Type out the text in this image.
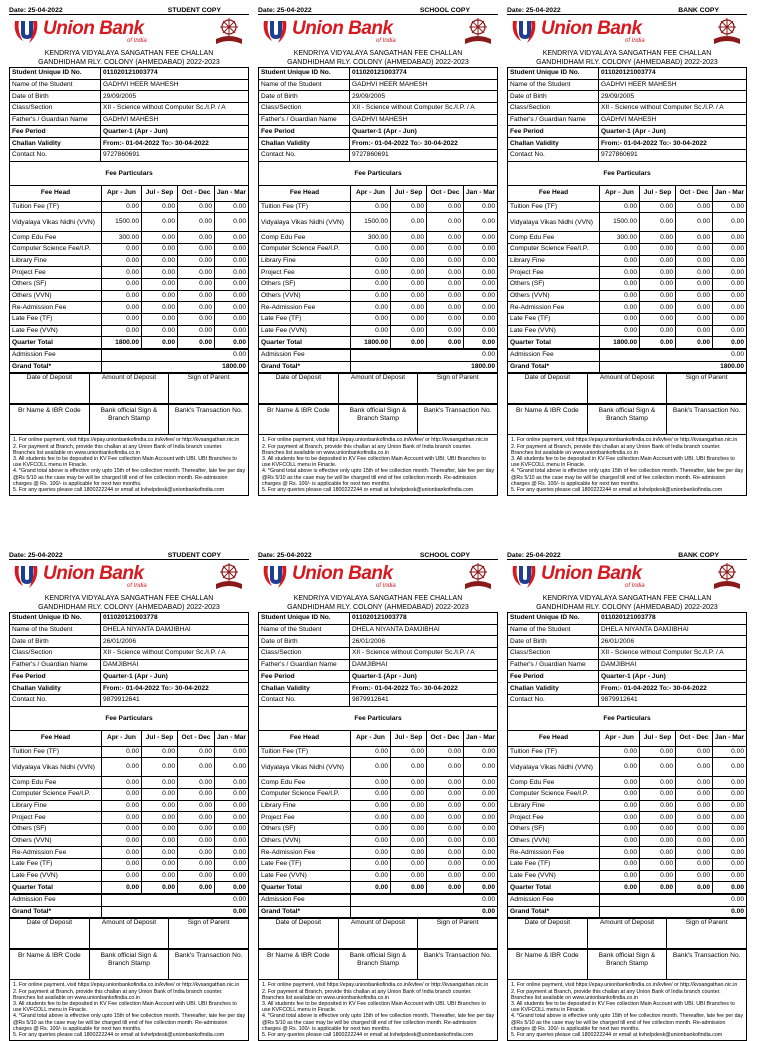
Date: 25-04-2022	STUDENT COPY
Union Bank
of India
KENDRIYA VIDYALAYA SANGATHAN FEE CHALLAN
GANDHIDHAM RLY. COLONY (AHMEDABAD) 2022-2023
Student Unique ID No.	011020121003774
Name of the Student	GADHVI HEER MAHESH
Date of Birth	29/09/2005
Class/Section	XII - Science without Computer Sc./I.P. / A
Father's / Guardian Name	GADHVI MAHESH
Fee Period	Quarter-1 (Apr - Jun)
Challan Validity	From:- 01-04-2022 To:- 30-04-2022
Contact No.	9727860691
Fee Particulars
Fee Head	Apr - Jun	Jul - Sep	Oct - Dec	Jan - Mar
Tuition Fee (TF)	0.00	0.00	0.00	0.00
Vidyalaya Vikas Nidhi (VVN)	1500.00	0.00	0.00	0.00
Comp Edu Fee	300.00	0.00	0.00	0.00
Computer Science Fee/I.P.	0.00	0.00	0.00	0.00
Library Fine	0.00	0.00	0.00	0.00
Project Fee	0.00	0.00	0.00	0.00
Others (SF)	0.00	0.00	0.00	0.00
Others (VVN)	0.00	0.00	0.00	0.00
Re-Admission Fee	0.00	0.00	0.00	0.00
Late Fee (TF)	0.00	0.00	0.00	0.00
Late Fee (VVN)	0.00	0.00	0.00	0.00
Quarter Total	1800.00	0.00	0.00	0.00
Admission Fee	0.00
Grand Total*	1800.00
Date of Deposit	Amount of Deposit	Sign of Parent
Br Name & IBR Code	Bank official Sign & Branch Stamp	Bank's Transaction No.

1. For online payment, visit https://epay.unionbankofindia.co.in/kvfee/ or http://kvsangathan.nic.in

2. For payment at Branch, provide this challan at any Union Bank of India branch counter. Branches list available on www.unionbankofindia.co.in

3. All students fee to be deposited in KV Fee collection Main Account with UBI. UBI Branches to use KVFCOLL menu in Finacle.

4. *Grand total above is effective only upto 15th of fee collection month. Thereafter, late fee per day @Rs 5/10 as the case may be will be charged till end of fee collection month. Re-admission charges @ Rs. 100/- is applicable for next two months.

5. For any queries please call 1800222244 or email at kvhelpdesk@unionbankofindia.com

Date: 25-04-2022	SCHOOL COPY
Union Bank
of India
KENDRIYA VIDYALAYA SANGATHAN FEE CHALLAN
GANDHIDHAM RLY. COLONY (AHMEDABAD) 2022-2023
Student Unique ID No.	011020121003774
Name of the Student	GADHVI HEER MAHESH
Date of Birth	29/09/2005
Class/Section	XII - Science without Computer Sc./I.P. / A
Father's / Guardian Name	GADHVI MAHESH
Fee Period	Quarter-1 (Apr - Jun)
Challan Validity	From:- 01-04-2022 To:- 30-04-2022
Contact No.	9727860691
Fee Particulars
Fee Head	Apr - Jun	Jul - Sep	Oct - Dec	Jan - Mar
Tuition Fee (TF)	0.00	0.00	0.00	0.00
Vidyalaya Vikas Nidhi (VVN)	1500.00	0.00	0.00	0.00
Comp Edu Fee	300.00	0.00	0.00	0.00
Computer Science Fee/I.P.	0.00	0.00	0.00	0.00
Library Fine	0.00	0.00	0.00	0.00
Project Fee	0.00	0.00	0.00	0.00
Others (SF)	0.00	0.00	0.00	0.00
Others (VVN)	0.00	0.00	0.00	0.00
Re-Admission Fee	0.00	0.00	0.00	0.00
Late Fee (TF)	0.00	0.00	0.00	0.00
Late Fee (VVN)	0.00	0.00	0.00	0.00
Quarter Total	1800.00	0.00	0.00	0.00
Admission Fee	0.00
Grand Total*	1800.00
Date of Deposit	Amount of Deposit	Sign of Parent
Br Name & IBR Code	Bank official Sign & Branch Stamp	Bank's Transaction No.

1. For online payment, visit https://epay.unionbankofindia.co.in/kvfee/ or http://kvsangathan.nic.in

2. For payment at Branch, provide this challan at any Union Bank of India branch counter. Branches list available on www.unionbankofindia.co.in

3. All students fee to be deposited in KV Fee collection Main Account with UBI. UBI Branches to use KVFCOLL menu in Finacle.

4. *Grand total above is effective only upto 15th of fee collection month. Thereafter, late fee per day @Rs 5/10 as the case may be will be charged till end of fee collection month. Re-admission charges @ Rs. 100/- is applicable for next two months.

5. For any queries please call 1800222244 or email at kvhelpdesk@unionbankofindia.com

Date: 25-04-2022	BANK COPY
Union Bank
of India
KENDRIYA VIDYALAYA SANGATHAN FEE CHALLAN
GANDHIDHAM RLY. COLONY (AHMEDABAD) 2022-2023
Student Unique ID No.	011020121003774
Name of the Student	GADHVI HEER MAHESH
Date of Birth	29/09/2005
Class/Section	XII - Science without Computer Sc./I.P. / A
Father's / Guardian Name	GADHVI MAHESH
Fee Period	Quarter-1 (Apr - Jun)
Challan Validity	From:- 01-04-2022 To:- 30-04-2022
Contact No.	9727860691
Fee Particulars
Fee Head	Apr - Jun	Jul - Sep	Oct - Dec	Jan - Mar
Tuition Fee (TF)	0.00	0.00	0.00	0.00
Vidyalaya Vikas Nidhi (VVN)	1500.00	0.00	0.00	0.00
Comp Edu Fee	300.00	0.00	0.00	0.00
Computer Science Fee/I.P.	0.00	0.00	0.00	0.00
Library Fine	0.00	0.00	0.00	0.00
Project Fee	0.00	0.00	0.00	0.00
Others (SF)	0.00	0.00	0.00	0.00
Others (VVN)	0.00	0.00	0.00	0.00
Re-Admission Fee	0.00	0.00	0.00	0.00
Late Fee (TF)	0.00	0.00	0.00	0.00
Late Fee (VVN)	0.00	0.00	0.00	0.00
Quarter Total	1800.00	0.00	0.00	0.00
Admission Fee	0.00
Grand Total*	1800.00
Date of Deposit	Amount of Deposit	Sign of Parent
Br Name & IBR Code	Bank official Sign & Branch Stamp	Bank's Transaction No.

1. For online payment, visit https://epay.unionbankofindia.co.in/kvfee/ or http://kvsangathan.nic.in

2. For payment at Branch, provide this challan at any Union Bank of India branch counter. Branches list available on www.unionbankofindia.co.in

3. All students fee to be deposited in KV Fee collection Main Account with UBI. UBI Branches to use KVFCOLL menu in Finacle.

4. *Grand total above is effective only upto 15th of fee collection month. Thereafter, late fee per day @Rs 5/10 as the case may be will be charged till end of fee collection month. Re-admission charges @ Rs. 100/- is applicable for next two months.

5. For any queries please call 1800222244 or email at kvhelpdesk@unionbankofindia.com

Date: 25-04-2022	STUDENT COPY
Union Bank
of India
KENDRIYA VIDYALAYA SANGATHAN FEE CHALLAN
GANDHIDHAM RLY. COLONY (AHMEDABAD) 2022-2023
Student Unique ID No.	011020121003778
Name of the Student	DHELA NIYANTA DAMJIBHAI
Date of Birth	26/01/2006
Class/Section	XII - Science without Computer Sc./I.P. / A
Father's / Guardian Name	DAMJIBHAI
Fee Period	Quarter-1 (Apr - Jun)
Challan Validity	From:- 01-04-2022 To:- 30-04-2022
Contact No.	9879912641
Fee Particulars
Fee Head	Apr - Jun	Jul - Sep	Oct - Dec	Jan - Mar
Tuition Fee (TF)	0.00	0.00	0.00	0.00
Vidyalaya Vikas Nidhi (VVN)	0.00	0.00	0.00	0.00
Comp Edu Fee	0.00	0.00	0.00	0.00
Computer Science Fee/I.P.	0.00	0.00	0.00	0.00
Library Fine	0.00	0.00	0.00	0.00
Project Fee	0.00	0.00	0.00	0.00
Others (SF)	0.00	0.00	0.00	0.00
Others (VVN)	0.00	0.00	0.00	0.00
Re-Admission Fee	0.00	0.00	0.00	0.00
Late Fee (TF)	0.00	0.00	0.00	0.00
Late Fee (VVN)	0.00	0.00	0.00	0.00
Quarter Total	0.00	0.00	0.00	0.00
Admission Fee	0.00
Grand Total*	0.00
Date of Deposit	Amount of Deposit	Sign of Parent
Br Name & IBR Code	Bank official Sign & Branch Stamp	Bank's Transaction No.

1. For online payment, visit https://epay.unionbankofindia.co.in/kvfee/ or http://kvsangathan.nic.in

2. For payment at Branch, provide this challan at any Union Bank of India branch counter. Branches list available on www.unionbankofindia.co.in

3. All students fee to be deposited in KV Fee collection Main Account with UBI. UBI Branches to use KVFCOLL menu in Finacle.

4. *Grand total above is effective only upto 15th of fee collection month. Thereafter, late fee per day @Rs 5/10 as the case may be will be charged till end of fee collection month. Re-admission charges @ Rs. 100/- is applicable for next two months.

5. For any queries please call 1800222244 or email at kvhelpdesk@unionbankofindia.com

Date: 25-04-2022	SCHOOL COPY
Union Bank
of India
KENDRIYA VIDYALAYA SANGATHAN FEE CHALLAN
GANDHIDHAM RLY. COLONY (AHMEDABAD) 2022-2023
Student Unique ID No.	011020121003778
Name of the Student	DHELA NIYANTA DAMJIBHAI
Date of Birth	26/01/2006
Class/Section	XII - Science without Computer Sc./I.P. / A
Father's / Guardian Name	DAMJIBHAI
Fee Period	Quarter-1 (Apr - Jun)
Challan Validity	From:- 01-04-2022 To:- 30-04-2022
Contact No.	9879912641
Fee Particulars
Fee Head	Apr - Jun	Jul - Sep	Oct - Dec	Jan - Mar
Tuition Fee (TF)	0.00	0.00	0.00	0.00
Vidyalaya Vikas Nidhi (VVN)	0.00	0.00	0.00	0.00
Comp Edu Fee	0.00	0.00	0.00	0.00
Computer Science Fee/I.P.	0.00	0.00	0.00	0.00
Library Fine	0.00	0.00	0.00	0.00
Project Fee	0.00	0.00	0.00	0.00
Others (SF)	0.00	0.00	0.00	0.00
Others (VVN)	0.00	0.00	0.00	0.00
Re-Admission Fee	0.00	0.00	0.00	0.00
Late Fee (TF)	0.00	0.00	0.00	0.00
Late Fee (VVN)	0.00	0.00	0.00	0.00
Quarter Total	0.00	0.00	0.00	0.00
Admission Fee	0.00
Grand Total*	0.00
Date of Deposit	Amount of Deposit	Sign of Parent
Br Name & IBR Code	Bank official Sign & Branch Stamp	Bank's Transaction No.

1. For online payment, visit https://epay.unionbankofindia.co.in/kvfee/ or http://kvsangathan.nic.in

2. For payment at Branch, provide this challan at any Union Bank of India branch counter. Branches list available on www.unionbankofindia.co.in

3. All students fee to be deposited in KV Fee collection Main Account with UBI. UBI Branches to use KVFCOLL menu in Finacle.

4. *Grand total above is effective only upto 15th of fee collection month. Thereafter, late fee per day @Rs 5/10 as the case may be will be charged till end of fee collection month. Re-admission charges @ Rs. 100/- is applicable for next two months.

5. For any queries please call 1800222244 or email at kvhelpdesk@unionbankofindia.com

Date: 25-04-2022	BANK COPY
Union Bank
of India
KENDRIYA VIDYALAYA SANGATHAN FEE CHALLAN
GANDHIDHAM RLY. COLONY (AHMEDABAD) 2022-2023
Student Unique ID No.	011020121003778
Name of the Student	DHELA NIYANTA DAMJIBHAI
Date of Birth	26/01/2006
Class/Section	XII - Science without Computer Sc./I.P. / A
Father's / Guardian Name	DAMJIBHAI
Fee Period	Quarter-1 (Apr - Jun)
Challan Validity	From:- 01-04-2022 To:- 30-04-2022
Contact No.	9879912641
Fee Particulars
Fee Head	Apr - Jun	Jul - Sep	Oct - Dec	Jan - Mar
Tuition Fee (TF)	0.00	0.00	0.00	0.00
Vidyalaya Vikas Nidhi (VVN)	0.00	0.00	0.00	0.00
Comp Edu Fee	0.00	0.00	0.00	0.00
Computer Science Fee/I.P.	0.00	0.00	0.00	0.00
Library Fine	0.00	0.00	0.00	0.00
Project Fee	0.00	0.00	0.00	0.00
Others (SF)	0.00	0.00	0.00	0.00
Others (VVN)	0.00	0.00	0.00	0.00
Re-Admission Fee	0.00	0.00	0.00	0.00
Late Fee (TF)	0.00	0.00	0.00	0.00
Late Fee (VVN)	0.00	0.00	0.00	0.00
Quarter Total	0.00	0.00	0.00	0.00
Admission Fee	0.00
Grand Total*	0.00
Date of Deposit	Amount of Deposit	Sign of Parent
Br Name & IBR Code	Bank official Sign & Branch Stamp	Bank's Transaction No.

1. For online payment, visit https://epay.unionbankofindia.co.in/kvfee/ or http://kvsangathan.nic.in

2. For payment at Branch, provide this challan at any Union Bank of India branch counter. Branches list available on www.unionbankofindia.co.in

3. All students fee to be deposited in KV Fee collection Main Account with UBI. UBI Branches to use KVFCOLL menu in Finacle.

4. *Grand total above is effective only upto 15th of fee collection month. Thereafter, late fee per day @Rs 5/10 as the case may be will be charged till end of fee collection month. Re-admission charges @ Rs. 100/- is applicable for next two months.

5. For any queries please call 1800222244 or email at kvhelpdesk@unionbankofindia.com
